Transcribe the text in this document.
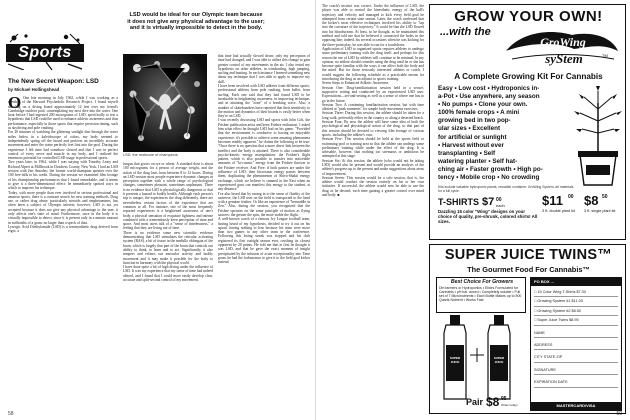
LSD would be ideal for our Olympic team because
it does not give any physical advantage to the user;
and it is virtually impossible to detect in the body.
Sports
LSD: the molecule of champions.
The New Secret Weapon: LSD
by Michael Hollingshead
O One late morning in July 1962, while I was working as a member of the Harvard Psychedelic Research Project, I found myself standing on a diving board approximately 12 feet over my friend's Cambridge outdoor pool, contemplating my next dive into the water. One hour before I had ingested 200 micrograms of LSD, specifically to test a hypothesis that LSD could be used to enhance athletic awareness and thus performance, especially in those sports that require precision timing, such as skydiving and pole vaulting.
For 20 minutes of watching the glittering sunlight dart through the water miles below in a kaleidoscope of colors, my body seemed to independently spring off the board and perform an incredibly accurate movement and enter the water perfectly feet first into the pool. During the experience I felt time had somehow slowed and that I was in perfect control of every nerve and muscle in my body, and I realized the enormous potential for controlled LSD usage in professional sports.
Two years later, in 1964, while I was staying with Timothy Leary and Richard Alpert at Millbrook in Dutchess County, New York, I had an LSD session with Jim Amodeo, the former world-champion sprinter over the 100 free-falls to his credit. During the session we examined film footage of his championship performances that I found remarkable, and it seems to give it a three-dimensional effect: he immediately spotted ways in which to improve his technique.
Today, with more people than ever involved in serious professional and amateur sports, there is a constant search for new training methods. Drug use, or rather drug abuse, particularly steroids and amphetamines, has often been a subject of Olympic interest; however, LSD is not yet accepted because it does not give any physical advantage to the user, it only affects one's state of mind. Furthermore, once in the body it is virtually impossible to detect, since it is present only in a minute amount in millionths of a gram, no larger than a speck of dust.
Lysergic Acid Diethylamide (LSD) is a semisynthetic drug derived from ergot, a
fungus that grows on rye or wheat. A standard dose is about 100 micrograms for a person of average weight, and the action of the drug lasts from between 8 to 12 hours. During an LSD session most people experience dynamic changes in perception together with a whole range of psychological changes, sometimes pleasant, sometimes unpleasant. There is no evidence that LSD is physiologically dangerous or that it presents a hazard to bodily health. Although each person's trip is unique, the experiences the drug differently, there are nevertheless certain factors of the experience that are common to all. For instance, one of the most frequently reported experiences is a heightened awareness of one's body, a physical sensation of exquisite lightness and intense combined with a tremendously keen perception of time and space. And most users talk of a "sense of timelessness," a feeling that they are living out of time.
There is no evidence some new scientific evidence demonstrating that LSD stimulates the reticular activating system (RAS), a bit of tissue in the medulla oblongata of the brain, which is largely that part of the brain that controls our ability to think, to learn and to act. Significantly, it also tempers and refines our muscular activity and bodily movement and it may make it possible for the body to function in harmony with the physical world.
I have done quite a bit of high diving under the influence of LSD. It was my experience that my sense of time had indeed altered, and I found that I could more easily develop clear, accurate and split-second control of my movement.
that time had actually slowed down; only my perception of time had changed, and I was able to utilize this change to gain greater control of my movements in the air. I also tested my hypothesis on other athletes, in windsurfing, high jumping, surfing and hunting. In each instance I learned something new about my technique that I was able to apply to improve my skill.
I have been involved with LSD athletes from different sports: professional athletes from pole vaulting, from ballet, from surfing. Each one said that they had found LSD to be invaluable in heightening awareness, in improving technique, and in attaining the "zone" of a breaking wave. Also, a number of skateboarders have reported that their sensitivity to the motion and dynamics of their boards is vastly better when they're on LSD.
I was recently discussing LSD and sports with John Colt, the Frisbee publication artist and keen Frisbee enthusiast. I asked him what effect he thought LSD had on his game. "Provided that the environment is conducive to having an enjoyable experience, it's possible to achieve some amazing phenomena becomes readily apparent." he claims the following to be true: "Once there is no question that a more direct link between the intellect and the body is attained. There is also considerable psycho-kinetic energy manipulation: the Frisbee's flight pattern, which is also possible to transfer into noticeable amounts of "ki-cosmic" energy from the Frisbee thrower to the Frisbee receiver. And Five: if both parties are under the influence of LSD, then biocosmic energy passes between them, duplicating the phenomenon of Shiva-Shakti energy exchange, which we believe is stunned in the East when an experienced guru can manifest this energy to the student, at any distance."
I've also heard that by tuning in to the sense of fluidity of the universe, the LSD user on the field is transported to the head with a genuine feather. Or like an experience of "bemuddle in Zen." Also, during the session, you recognized that the Frisbee operates on the same principle of motion as flying saucers: the greater the spin, the more stable the flight.
A well-known coach of a famous Ivy League football team, having heard of my hypothesis, decided to try it out on his squad, having nothing to lose because his team were more than two games to any other team in the conference. Following this losing streak was stopped and his club registered its first outright season ever, crushing its closest opponent by 20 points. He told me that at first he thought it was LSD, and that he gave the exact moment of insight precipitated by the infusion of acute exceptionality into Time gram, he had the forbearance to give it to the field goal kicker instead.
58
The coach's instinct was correct. Under the influence of LSD, the player was able to control the kinesthetic energy of the ball's trajectory and velocity and managed to kick every field goal he attempted from certain state season. Later, the coach confessed that the kicker's most effective techniques involved his ability to "tap into the curvature of the trajectory." It could be that the LSD flowed into his bloodstream. At least, so he thought, as he maintained this method and told me that he believed it connected the holes in the opposing line; indeed, his several occasions when he was kicking for the three-point play, he was able to run for a touchdown.
Application of LSD to organized sports requires athletes to undergo some preliminary training with the drug itself, and perhaps for this reason the use of LSD by athletes will continue to be minimal. In my opinion, no athlete should consider using the drug until he or she has become quite familiar with the ways it can affect both the body and the mind. But for those seriously interested athletes or coach, I would suggest the following schedule as a practicable means for introducing the drug as an adjunct to sports training.
Seven Steps to Enhanced Athletic Awareness
Session One: Drug-familiarization session held in a secure, supportive setting and conducted by an experienced LSD user. Expectations—set-and-setting as well as a sense of where one has to go in the future.
Session Two: A continuing familiarization session, but with time allotted at "peak moments" for simple body-movement exercises.
Session Three: During this session, the athlete should be taken for a long walk, preferably either in the country or along a deserted beach.
Session Four: By now the athlete will have some idea of both the psychological and physiological action of the drug, so that part of this session should be devoted to viewing film footage of various sports, including the athlete's own.
Session Five: This session should be held at the sports field or swimming pool or training area so that the athlete can undergo some preliminary training while under the effect of the drug. It is advisable, however, that nothing too strenuous or ambitious be attempted at this stage.
Session Six: At this session, the athlete (who would not be taking LSD) would also be present and would provide an analysis of the athlete's progress up to the present and make suggestions about areas of improvement.
Session Seven: This session would be a solo session, that is, the athlete would conduct the session entirely on his or her own initiative. If successful, the athlete would now be able to use the drug as he desired, each time gaining a greater control over mind and body. ■
59
GROW YOUR OWN!
...with the
GroWing
syStem	TM
A Complete Growing Kit For Cannabis
Easy • Low cost • Hydroponics in-
a-Pot • Use anywhere, any season
• No pumps • Clone your own.
100% female crops • A mini
growing bed in two pop-
ular sizes • Excellent
for artificial or sunlight
• Harvest without ever
transplanting • Self
watering planter • Self hat-
ching air • Faster growth • High po-
tency • Mobile crop • No crowding
Kits include valuable hydroponic plants, reusable container, GroWing System, all materials for a full cycle.
T-SHIRTS $7 00
each
Dazzling 15 color "Wing" designs on your choice of quality, pre-shrunk, colored shirts! All sizes.
$11 00
3 ft. double plant kit
$8 50
3 ft. single plant kit
SUPER JUICE TWINS™
The Gourmet Food For Cannabis™
Best Choice For Growers
Dirt farmers or Hydroponics • Elixirs Formulated for Cannabis • pH bal. anced • Completely soluble • Full set of 7 Micronutrients • Each Bottle Makes up to 500 Quarts Nutrient • Works Fast
SUPER JUICE
SUPER JUICE
Pair $8 95
Order today!
PO BOX ...
□ 15 Color Wing T-Shirts $7.00
□ Growing System #1 $11.00
□ Growing System #2 $8.50
□ Super Juice Twins $8.95
NAME
ADDRESS
CITY STATE ZIP
SIGNATURE
EXPIRATION DATE
MASTERCARD/VISA
